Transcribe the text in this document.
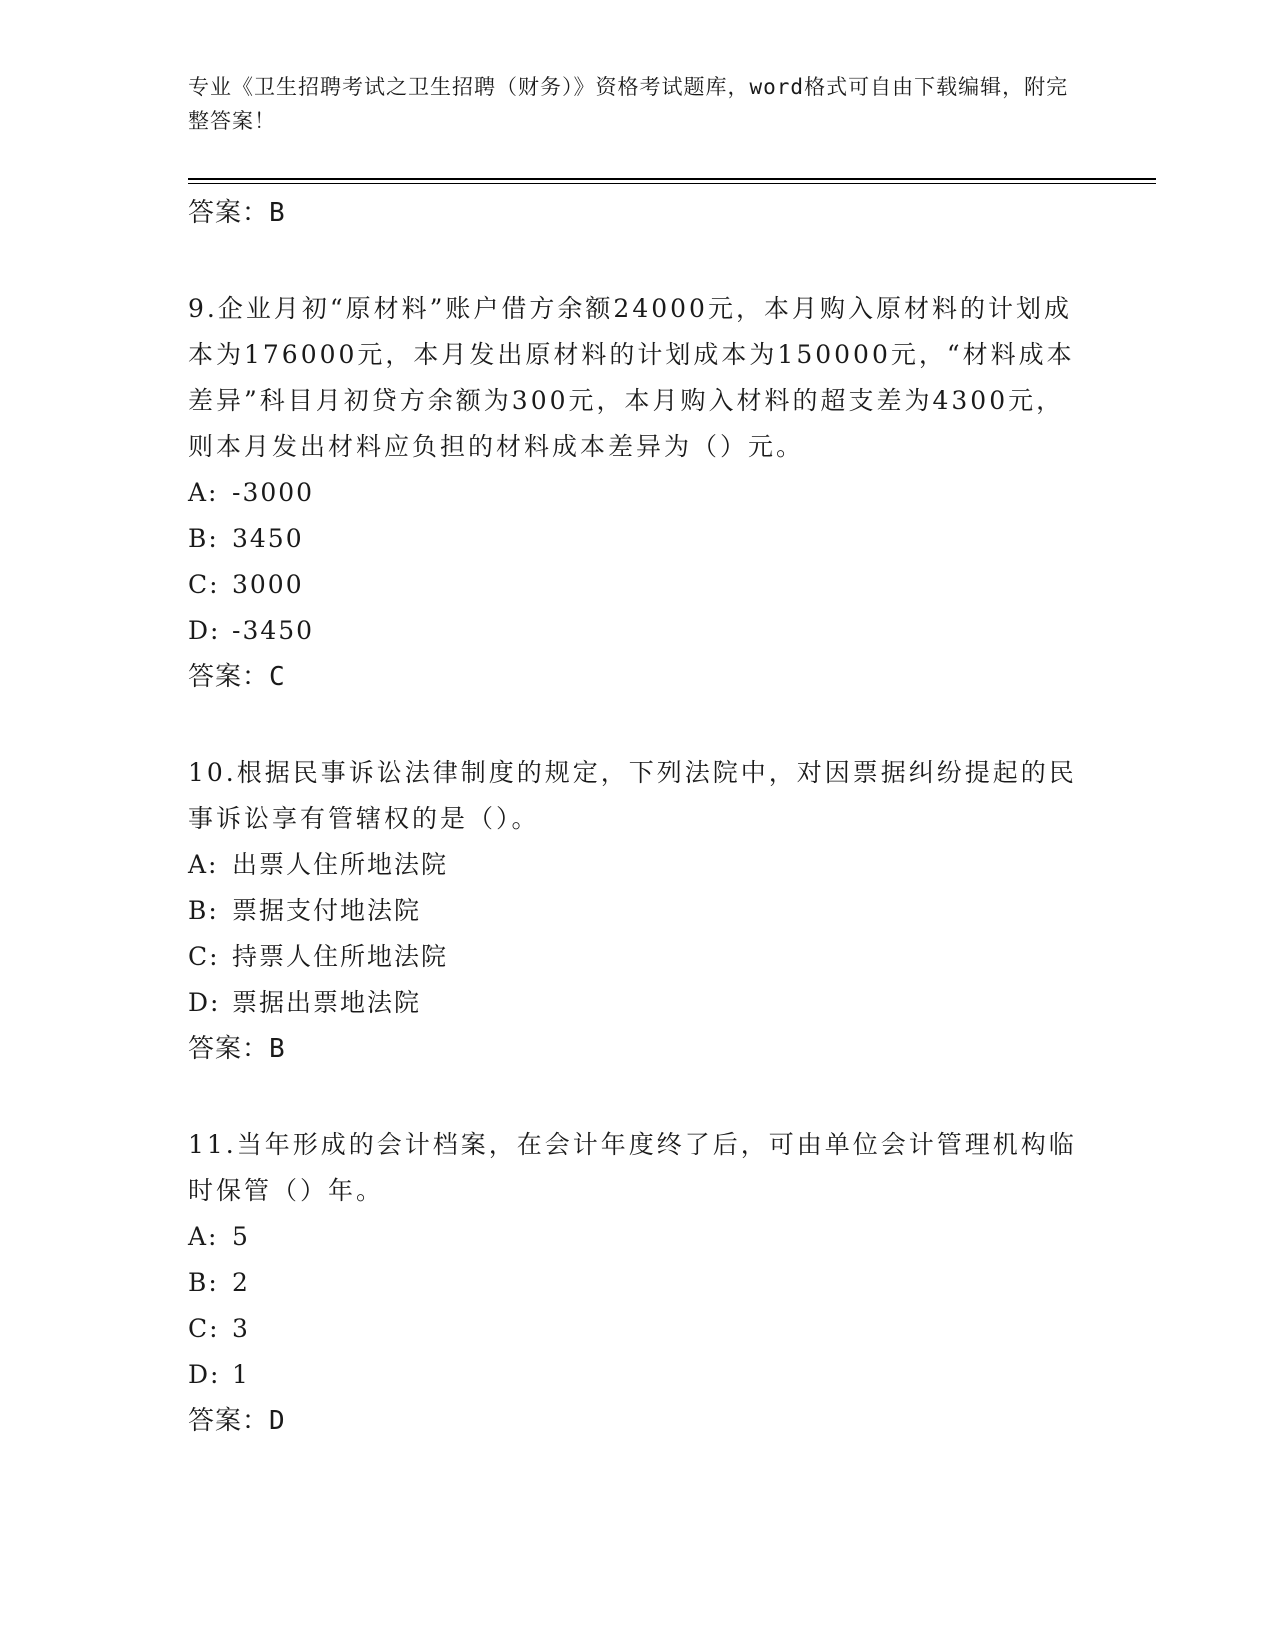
专业《卫生招聘考试之卫生招聘（财务）》资格考试题库，word格式可自由下载编辑，附完整答案！
答案：B

9.企业月初“原材料”账户借方余额24000元，本月购入原材料的计划成本为176000元，本月发出原材料的计划成本为150000元，“材料成本差异”科目月初贷方余额为300元，本月购入材料的超支差为4300元，则本月发出材料应负担的材料成本差异为（）元。

A: -3000
B: 3450
C: 3000
D: -3450
答案：C

10.根据民事诉讼法律制度的规定，下列法院中，对因票据纠纷提起的民事诉讼享有管辖权的是（）。

A: 出票人住所地法院
B: 票据支付地法院
C: 持票人住所地法院
D: 票据出票地法院
答案：B

11.当年形成的会计档案，在会计年度终了后，可由单位会计管理机构临时保管（）年。

A: 5
B: 2
C: 3
D: 1
答案：D
